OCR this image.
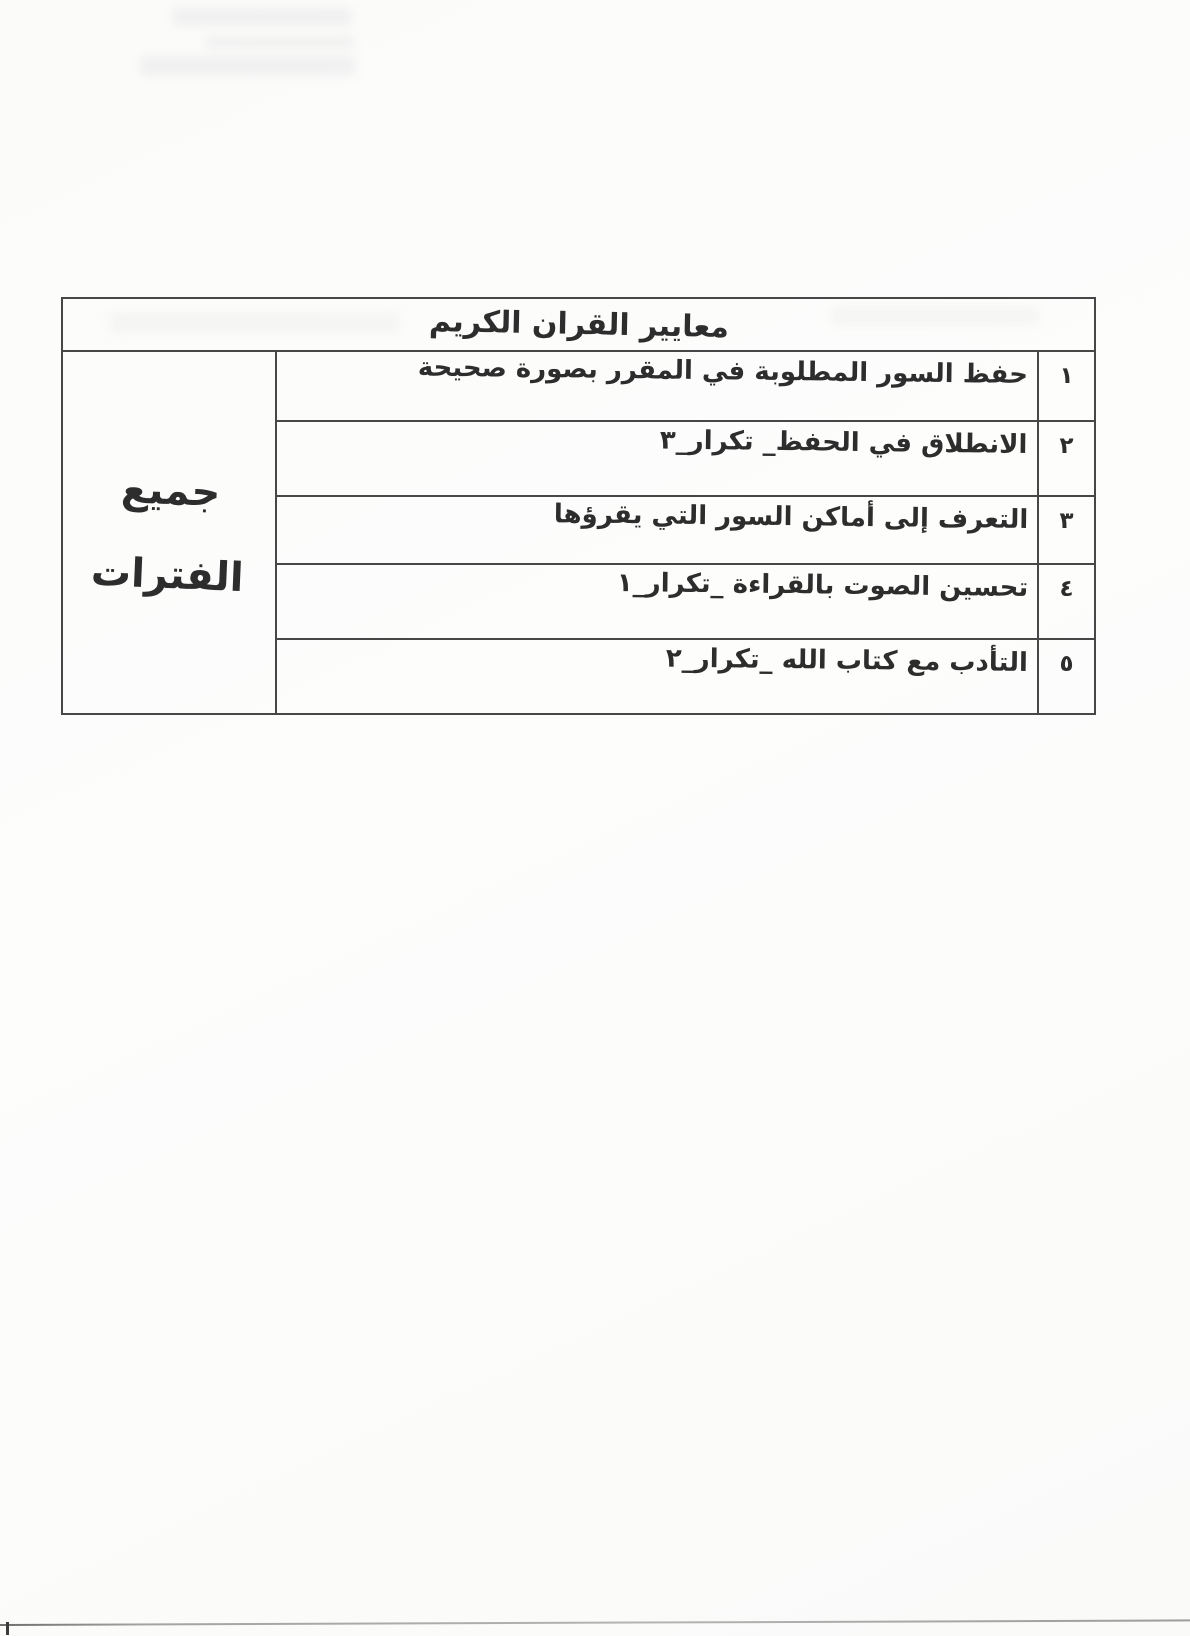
معايير القران الكريم		
١	حفظ السور المطلوبة في المقرر بصورة صحيحة	جميع
الفترات

٢	الانطلاق في الحفظ_ تكرار_٣	
٣	التعرف إلى أماكن السور التي يقرؤها	
٤	تحسين الصوت بالقراءة _تكرار_١	
٥	التأدب مع كتاب الله _تكرار_٢	
